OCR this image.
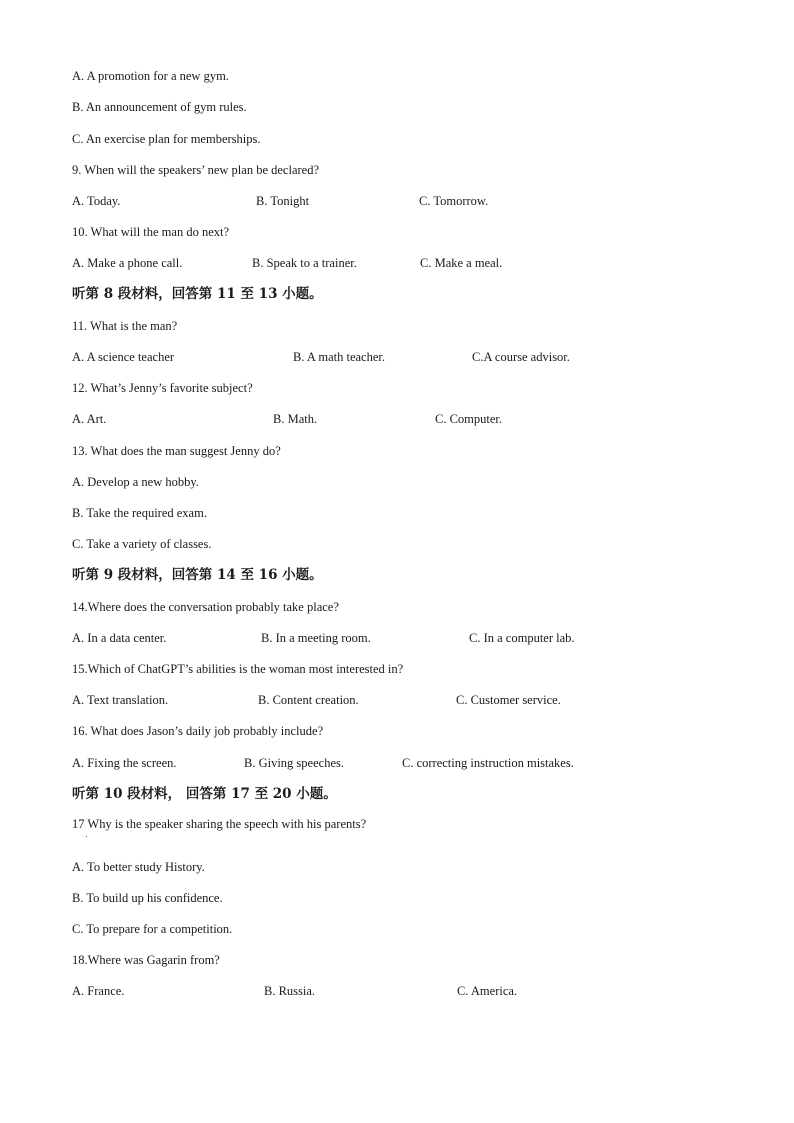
A. A promotion for a new gym.
B. An announcement of gym rules.
C. An exercise plan for memberships.
9. When will the speakers’ new plan be declared?
A. Today.	B. Tonight	C. Tomorrow.
10. What will the man do next?
A. Make a phone call.	B. Speak to a trainer.	C. Make a meal.
听第 8 段材料，回答第 11 至 13 小题。
11. What is the man?
A. A science teacher	B. A math teacher.	C.A course advisor.
12. What’s Jenny’s favorite subject?
A. Art.	B. Math.	C. Computer.
13. What does the man suggest Jenny do?
A. Develop a new hobby.
B. Take the required exam.
C. Take a variety of classes.
听第 9 段材料，回答第 14 至 16 小题。
14.Where does the conversation probably take place?
A. In a data center.	B. In a meeting room.	C. In a computer lab.
15.Which of ChatGPT’s abilities is the woman most interested in?
A. Text translation.	B. Content creation.	C. Customer service.
16. What does Jason’s daily job probably include?
A. Fixing the screen.	B. Giving speeches.	C. correcting instruction mistakes.
听第 10 段材料， 回答第 17 至 20 小题。
17 Why is the speaker sharing the speech with his parents?
A. To better study History.
B. To build up his confidence.
C. To prepare for a competition.
18.Where was Gagarin from?
A. France.	B. Russia.	C. America.
